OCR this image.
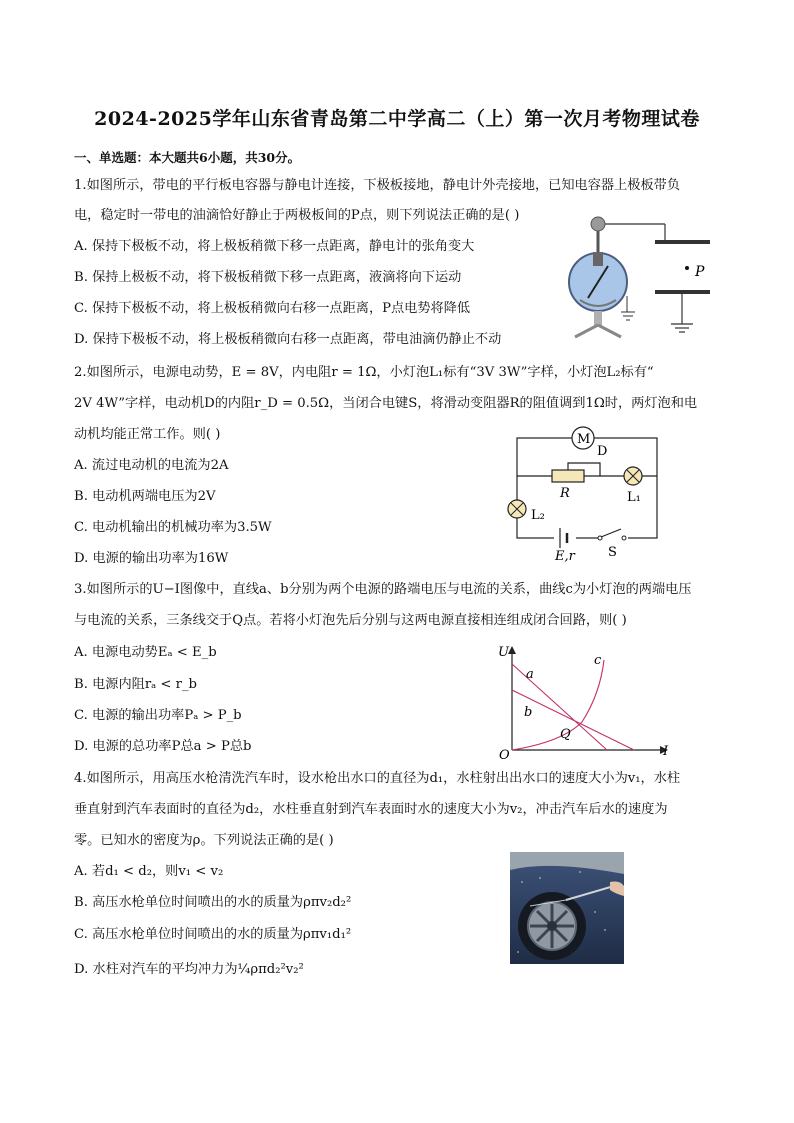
2024-2025学年山东省青岛第二中学高二（上）第一次月考物理试卷
一、单选题：本大题共6小题，共30分。
1.如图所示，带电的平行板电容器与静电计连接，下极板接地，静电计外壳接地，已知电容器上极板带负
电，稳定时一带电的油滴恰好静止于两极板间的P点，则下列说法正确的是( )
A. 保持下极板不动，将上极板稍微下移一点距离，静电计的张角变大
B. 保持上极板不动，将下极板稍微下移一点距离，液滴将向下运动
C. 保持下极板不动，将上极板稍微向右移一点距离，P点电势将降低
D. 保持下极板不动，将上极板稍微向右移一点距离，带电油滴仍静止不动
P
2.如图所示，电源电动势，E = 8V，内电阻r = 1Ω，小灯泡L₁标有“3V 3W”字样，小灯泡L₂标有“
2V 4W”字样，电动机D的内阻r_D = 0.5Ω，当闭合电键S，将滑动变阻器R的阻值调到1Ω时，两灯泡和电
动机均能正常工作。则( )
A. 流过电动机的电流为2A
B. 电动机两端电压为2V
C. 电动机输出的机械功率为3.5W
D. 电源的输出功率为16W
M
D
R	L₁
L₂
E,r	S
3.如图所示的U−I图像中，直线a、b分别为两个电源的路端电压与电流的关系，曲线c为小灯泡的两端电压
与电流的关系，三条线交于Q点。若将小灯泡先后分别与这两电源直接相连组成闭合回路，则( )
A. 电源电动势Eₐ < E_b
B. 电源内阻rₐ < r_b
C. 电源的输出功率Pₐ > P_b
D. 电源的总功率P总a > P总b
U
I
O
a
b
c
Q
4.如图所示，用高压水枪清洗汽车时，设水枪出水口的直径为d₁，水柱射出出水口的速度大小为v₁，水柱
垂直射到汽车表面时的直径为d₂，水柱垂直射到汽车表面时水的速度大小为v₂，冲击汽车后水的速度为
零。已知水的密度为ρ。下列说法正确的是( )
A. 若d₁ < d₂，则v₁ < v₂
B. 高压水枪单位时间喷出的水的质量为ρπv₂d₂²
C. 高压水枪单位时间喷出的水的质量为ρπv₁d₁²
D. 水柱对汽车的平均冲力为¼ρπd₂²v₂²
